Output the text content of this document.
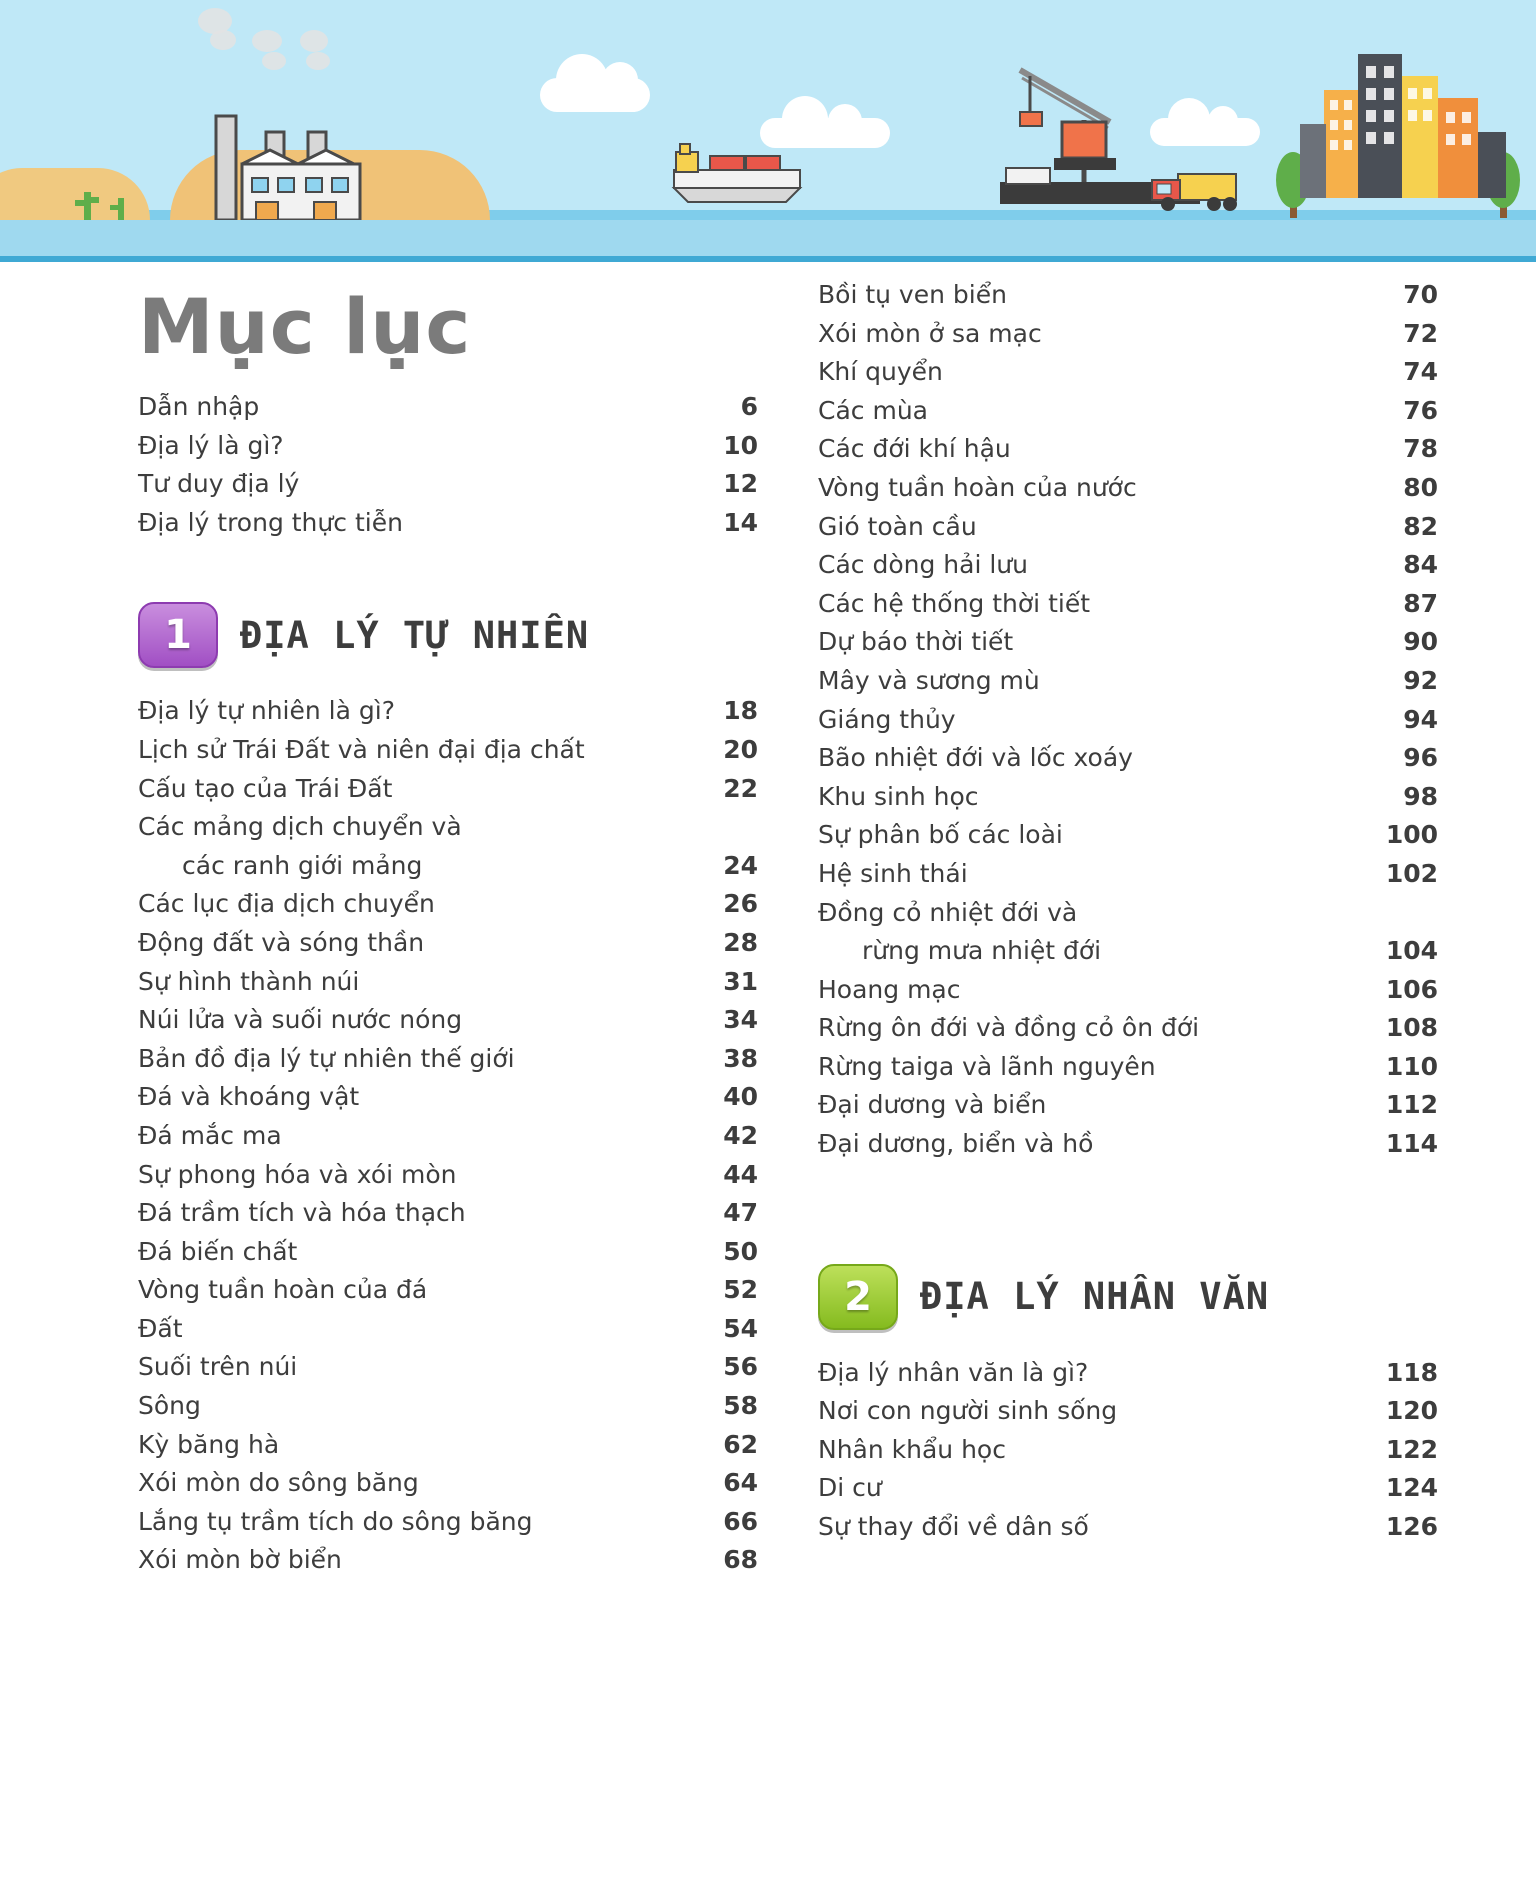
Mục lục
Dẫn nhập	6
Địa lý là gì?	10
Tư duy địa lý	12
Địa lý trong thực tiễn	14
1	ĐỊA LÝ TỰ NHIÊN
Địa lý tự nhiên là gì?	18
Lịch sử Trái Đất và niên đại địa chất	20
Cấu tạo của Trái Đất	22
Các mảng dịch chuyển và
các ranh giới mảng	24
Các lục địa dịch chuyển	26
Động đất và sóng thần	28
Sự hình thành núi	31
Núi lửa và suối nước nóng	34
Bản đồ địa lý tự nhiên thế giới	38
Đá và khoáng vật	40
Đá mắc ma	42
Sự phong hóa và xói mòn	44
Đá trầm tích và hóa thạch	47
Đá biến chất	50
Vòng tuần hoàn của đá	52
Đất	54
Suối trên núi	56
Sông	58
Kỳ băng hà	62
Xói mòn do sông băng	64
Lắng tụ trầm tích do sông băng	66
Xói mòn bờ biển	68
Bồi tụ ven biển	70
Xói mòn ở sa mạc	72
Khí quyển	74
Các mùa	76
Các đới khí hậu	78
Vòng tuần hoàn của nước	80
Gió toàn cầu	82
Các dòng hải lưu	84
Các hệ thống thời tiết	87
Dự báo thời tiết	90
Mây và sương mù	92
Giáng thủy	94
Bão nhiệt đới và lốc xoáy	96
Khu sinh học	98
Sự phân bố các loài	100
Hệ sinh thái	102
Đồng cỏ nhiệt đới và
rừng mưa nhiệt đới	104
Hoang mạc	106
Rừng ôn đới và đồng cỏ ôn đới	108
Rừng taiga và lãnh nguyên	110
Đại dương và biển	112
Đại dương, biển và hồ	114
2	ĐỊA LÝ NHÂN VĂN
Địa lý nhân văn là gì?	118
Nơi con người sinh sống	120
Nhân khẩu học	122
Di cư	124
Sự thay đổi về dân số	126
